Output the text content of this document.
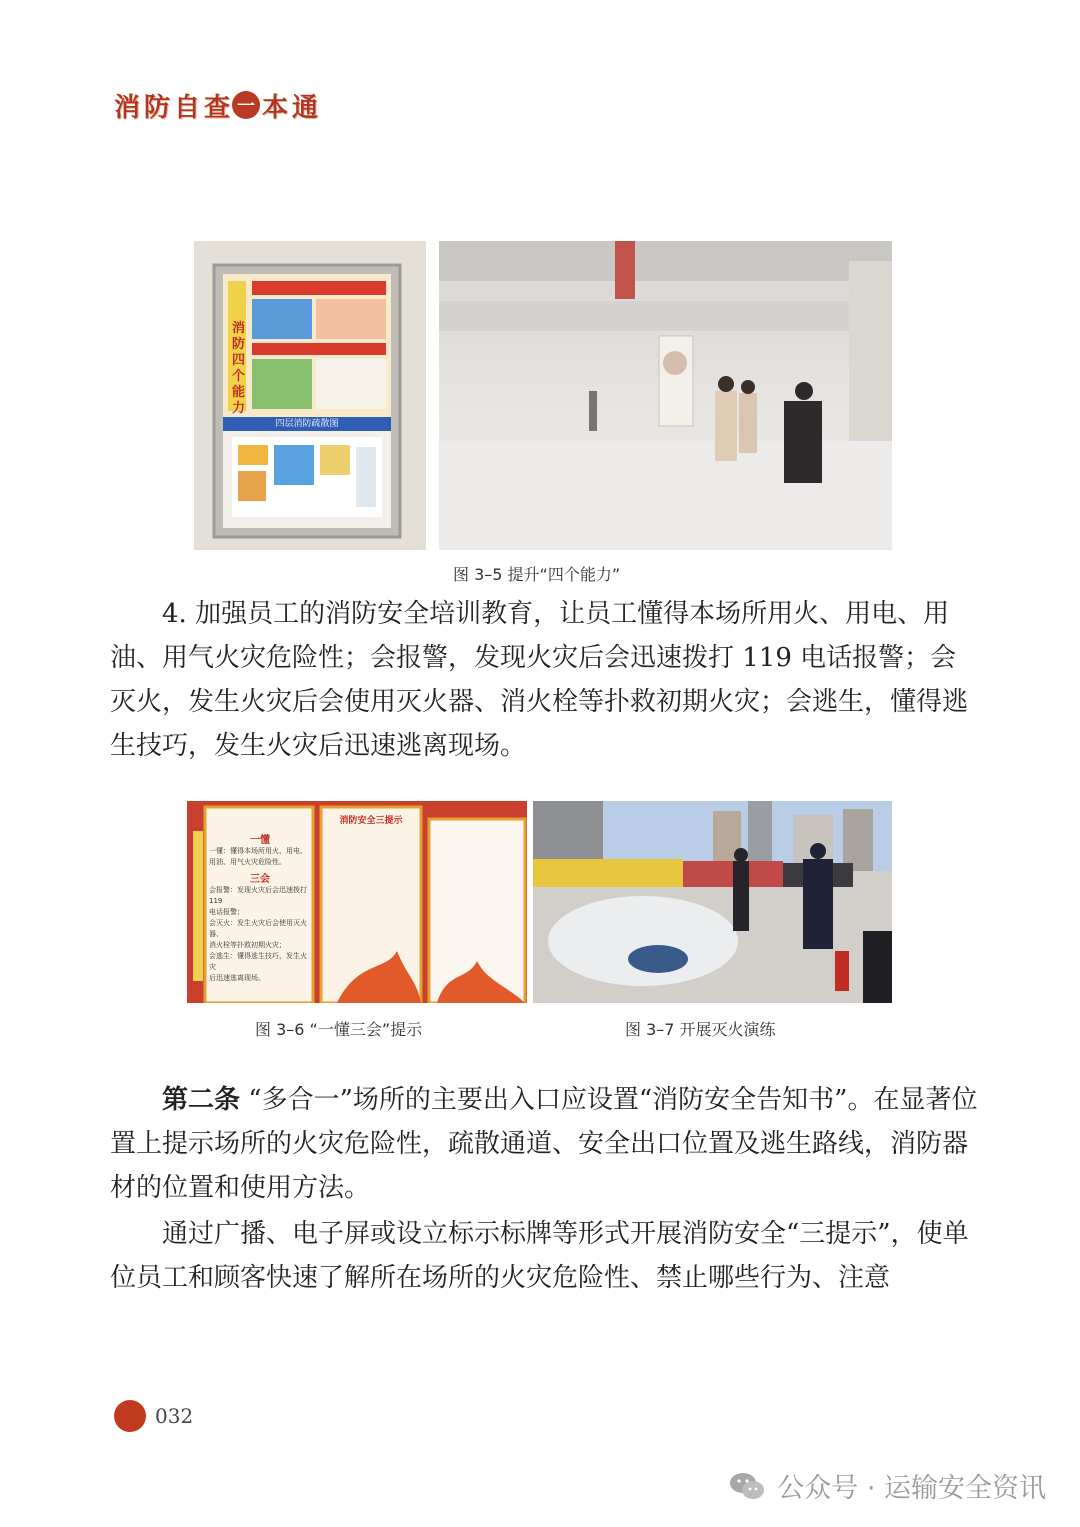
消 防 自 查 一 本 通
消防四个能力
四层消防疏散图
图 3–5 提升“四个能力”

4. 加强员工的消防安全培训教育，让员工懂得本场所用火、用电、用油、用气火灾危险性；会报警，发现火灾后会迅速拨打 119 电话报警；会灭火，发生火灾后会使用灭火器、消火栓等扑救初期火灾；会逃生，懂得逃生技巧，发生火灾后迅速逃离现场。

一懂
一懂：懂得本场所用火、用电、
用油、用气火灾危险性。
三会
会报警：发现火灾后会迅速拨打 119
电话报警；
会灭火：发生火灾后会使用灭火器、
消火栓等扑救初期火灾；
会逃生：懂得逃生技巧，发生火灾
后迅速逃离现场。
消防安全三提示
图 3–6 “一懂三会”提示	图 3–7 开展灭火演练

第二条 “多合一”场所的主要出入口应设置“消防安全告知书”。在显著位置上提示场所的火灾危险性，疏散通道、安全出口位置及逃生路线，消防器材的位置和使用方法。

通过广播、电子屏或设立标示标牌等形式开展消防安全“三提示”，使单位员工和顾客快速了解所在场所的火灾危险性、禁止哪些行为、注意

032
公众号 · 运输安全资讯
